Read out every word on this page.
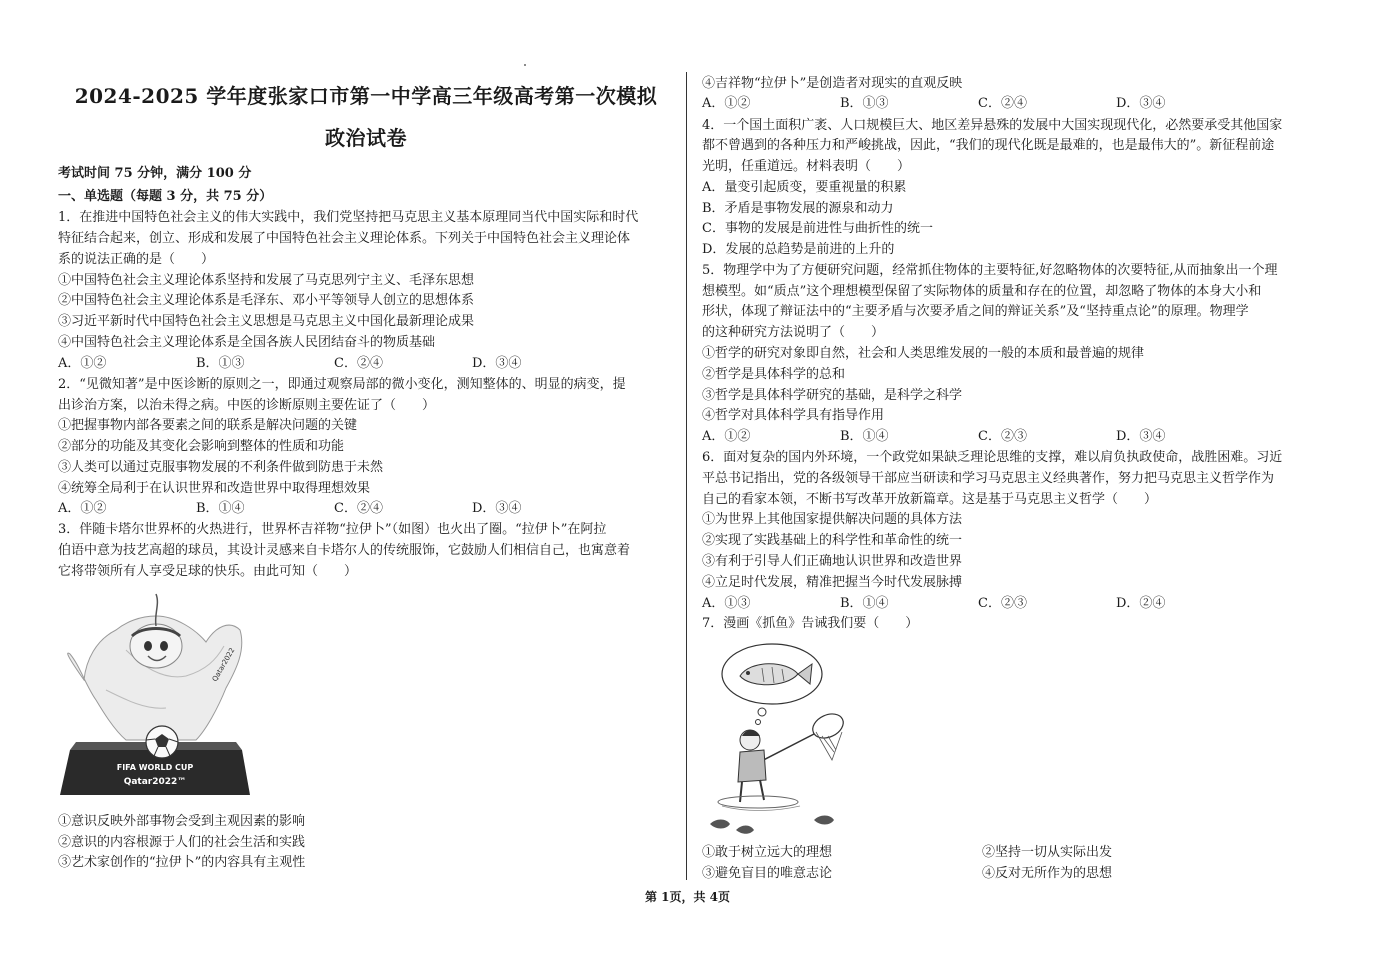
2024-2025 学年度张家口市第一中学高三年级高考第一次模拟
政治试卷
考试时间 75 分钟，满分 100 分
一、单选题（每题 3 分，共 75 分）
1．在推进中国特色社会主义的伟大实践中，我们党坚持把马克思主义基本原理同当代中国实际和时代
特征结合起来，创立、形成和发展了中国特色社会主义理论体系。下列关于中国特色社会主义理论体
系的说法正确的是（　　）
①中国特色社会主义理论体系坚持和发展了马克思列宁主义、毛泽东思想
②中国特色社会主义理论体系是毛泽东、邓小平等领导人创立的思想体系
③习近平新时代中国特色社会主义思想是马克思主义中国化最新理论成果
④中国特色社会主义理论体系是全国各族人民团结奋斗的物质基础
A．①②	B．①③	C．②④	D．③④
2．“见微知著”是中医诊断的原则之一，即通过观察局部的微小变化，测知整体的、明显的病变，提
出诊治方案，以治未得之病。中医的诊断原则主要佐证了（　　）
①把握事物内部各要素之间的联系是解决问题的关键
②部分的功能及其变化会影响到整体的性质和功能
③人类可以通过克服事物发展的不利条件做到防患于未然
④统筹全局利于在认识世界和改造世界中取得理想效果
A．①②	B．①④	C．②④	D．③④
3．伴随卡塔尔世界杯的火热进行，世界杯吉祥物“拉伊卜”（如图）也火出了圈。“拉伊卜”在阿拉
伯语中意为技艺高超的球员，其设计灵感来自卡塔尔人的传统服饰，它鼓励人们相信自己，也寓意着
它将带领所有人享受足球的快乐。由此可知（　　）
FIFA WORLD CUP
Qatar2022™
Qatar2022
①意识反映外部事物会受到主观因素的影响
②意识的内容根源于人们的社会生活和实践
③艺术家创作的“拉伊卜”的内容具有主观性
④吉祥物“拉伊卜”是创造者对现实的直观反映
A．①②	B．①③	C．②④	D．③④
4．一个国土面积广袤、人口规模巨大、地区差异悬殊的发展中大国实现现代化，必然要承受其他国家
都不曾遇到的各种压力和严峻挑战，因此，“我们的现代化既是最难的，也是最伟大的”。新征程前途
光明，任重道远。材料表明（　　）
A．量变引起质变，要重视量的积累
B．矛盾是事物发展的源泉和动力
C．事物的发展是前进性与曲折性的统一
D．发展的总趋势是前进的上升的
5．物理学中为了方便研究问题，经常抓住物体的主要特征,好忽略物体的次要特征,从而抽象出一个理
想模型。如“质点”这个理想模型保留了实际物体的质量和存在的位置，却忽略了物体的本身大小和
形状，体现了辩证法中的“主要矛盾与次要矛盾之间的辩证关系”及“坚持重点论”的原理。物理学
的这种研究方法说明了（　　）
①哲学的研究对象即自然，社会和人类思维发展的一般的本质和最普遍的规律
②哲学是具体科学的总和
③哲学是具体科学研究的基础，是科学之科学
④哲学对具体科学具有指导作用
A．①②	B．①④	C．②③	D．③④
6．面对复杂的国内外环境，一个政党如果缺乏理论思维的支撑，难以肩负执政使命，战胜困难。习近
平总书记指出，党的各级领导干部应当研读和学习马克思主义经典著作，努力把马克思主义哲学作为
自己的看家本领，不断书写改革开放新篇章。这是基于马克思主义哲学（　　）
①为世界上其他国家提供解决问题的具体方法
②实现了实践基础上的科学性和革命性的统一
③有利于引导人们正确地认识世界和改造世界
④立足时代发展，精准把握当今时代发展脉搏
A．①③	B．①④	C．②③	D．②④
7．漫画《抓鱼》告诫我们要（　　）
①敢于树立远大的理想	②坚持一切从实际出发
③避免盲目的唯意志论	④反对无所作为的思想
第 1页，共 4页
